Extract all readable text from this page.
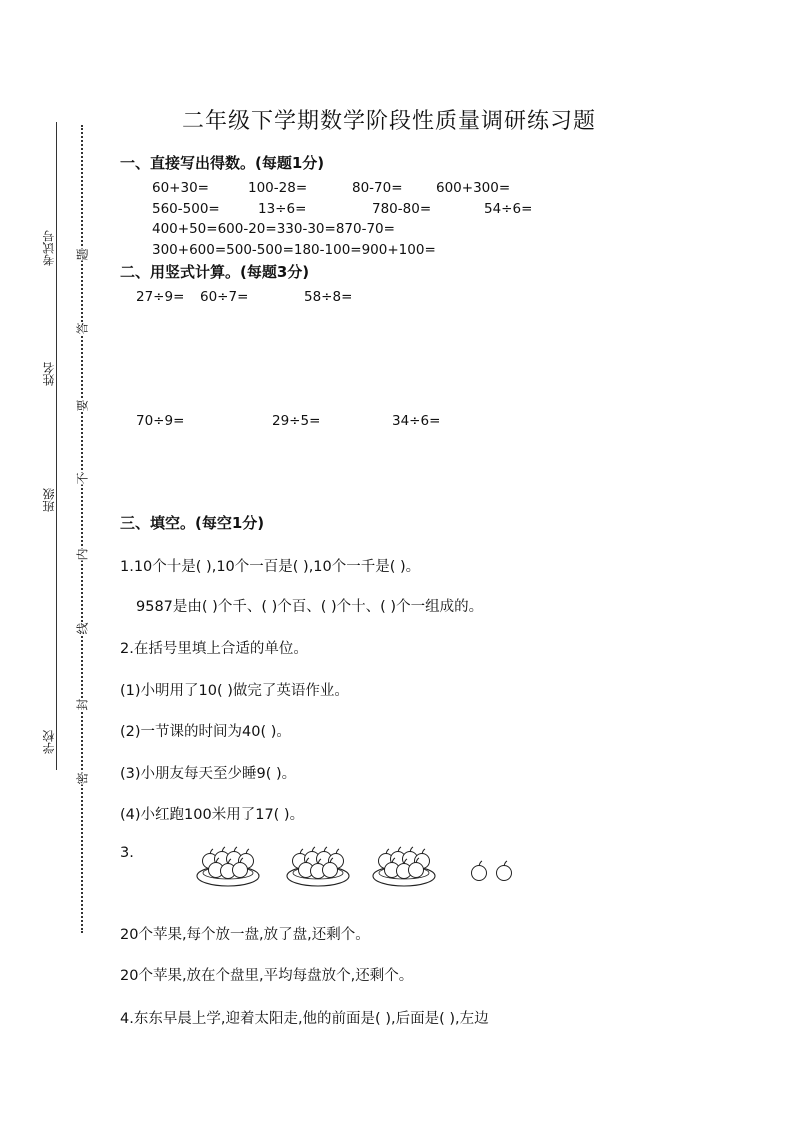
考试号
姓名
班级
学校
题
答
要
不
内
线
封
密
二年级下学期数学阶段性质量调研练习题
一、直接写出得数。(每题1分)
60+30=	100-28=	80-70= 600+300=
560-500=	13÷6=	780-80=	54÷6=
400+50=600-20=330-30=870-70=
300+600=500-500=180-100=900+100=
二、用竖式计算。(每题3分)
27÷9= 60÷7=	58÷8=
70÷9=	29÷5=	34÷6=
三、填空。(每空1分)
1.10个十是( ),10个一百是( ),10个一千是( )。
9587是由( )个千、( )个百、( )个十、( )个一组成的。
2.在括号里填上合适的单位。
(1)小明用了10( )做完了英语作业。
(2)一节课的时间为40( )。
(3)小朋友每天至少睡9( )。
(4)小红跑100米用了17( )。
3.
20个苹果,每个放一盘,放了盘,还剩个。
20个苹果,放在个盘里,平均每盘放个,还剩个。
4.东东早晨上学,迎着太阳走,他的前面是( ),后面是( ),左边
